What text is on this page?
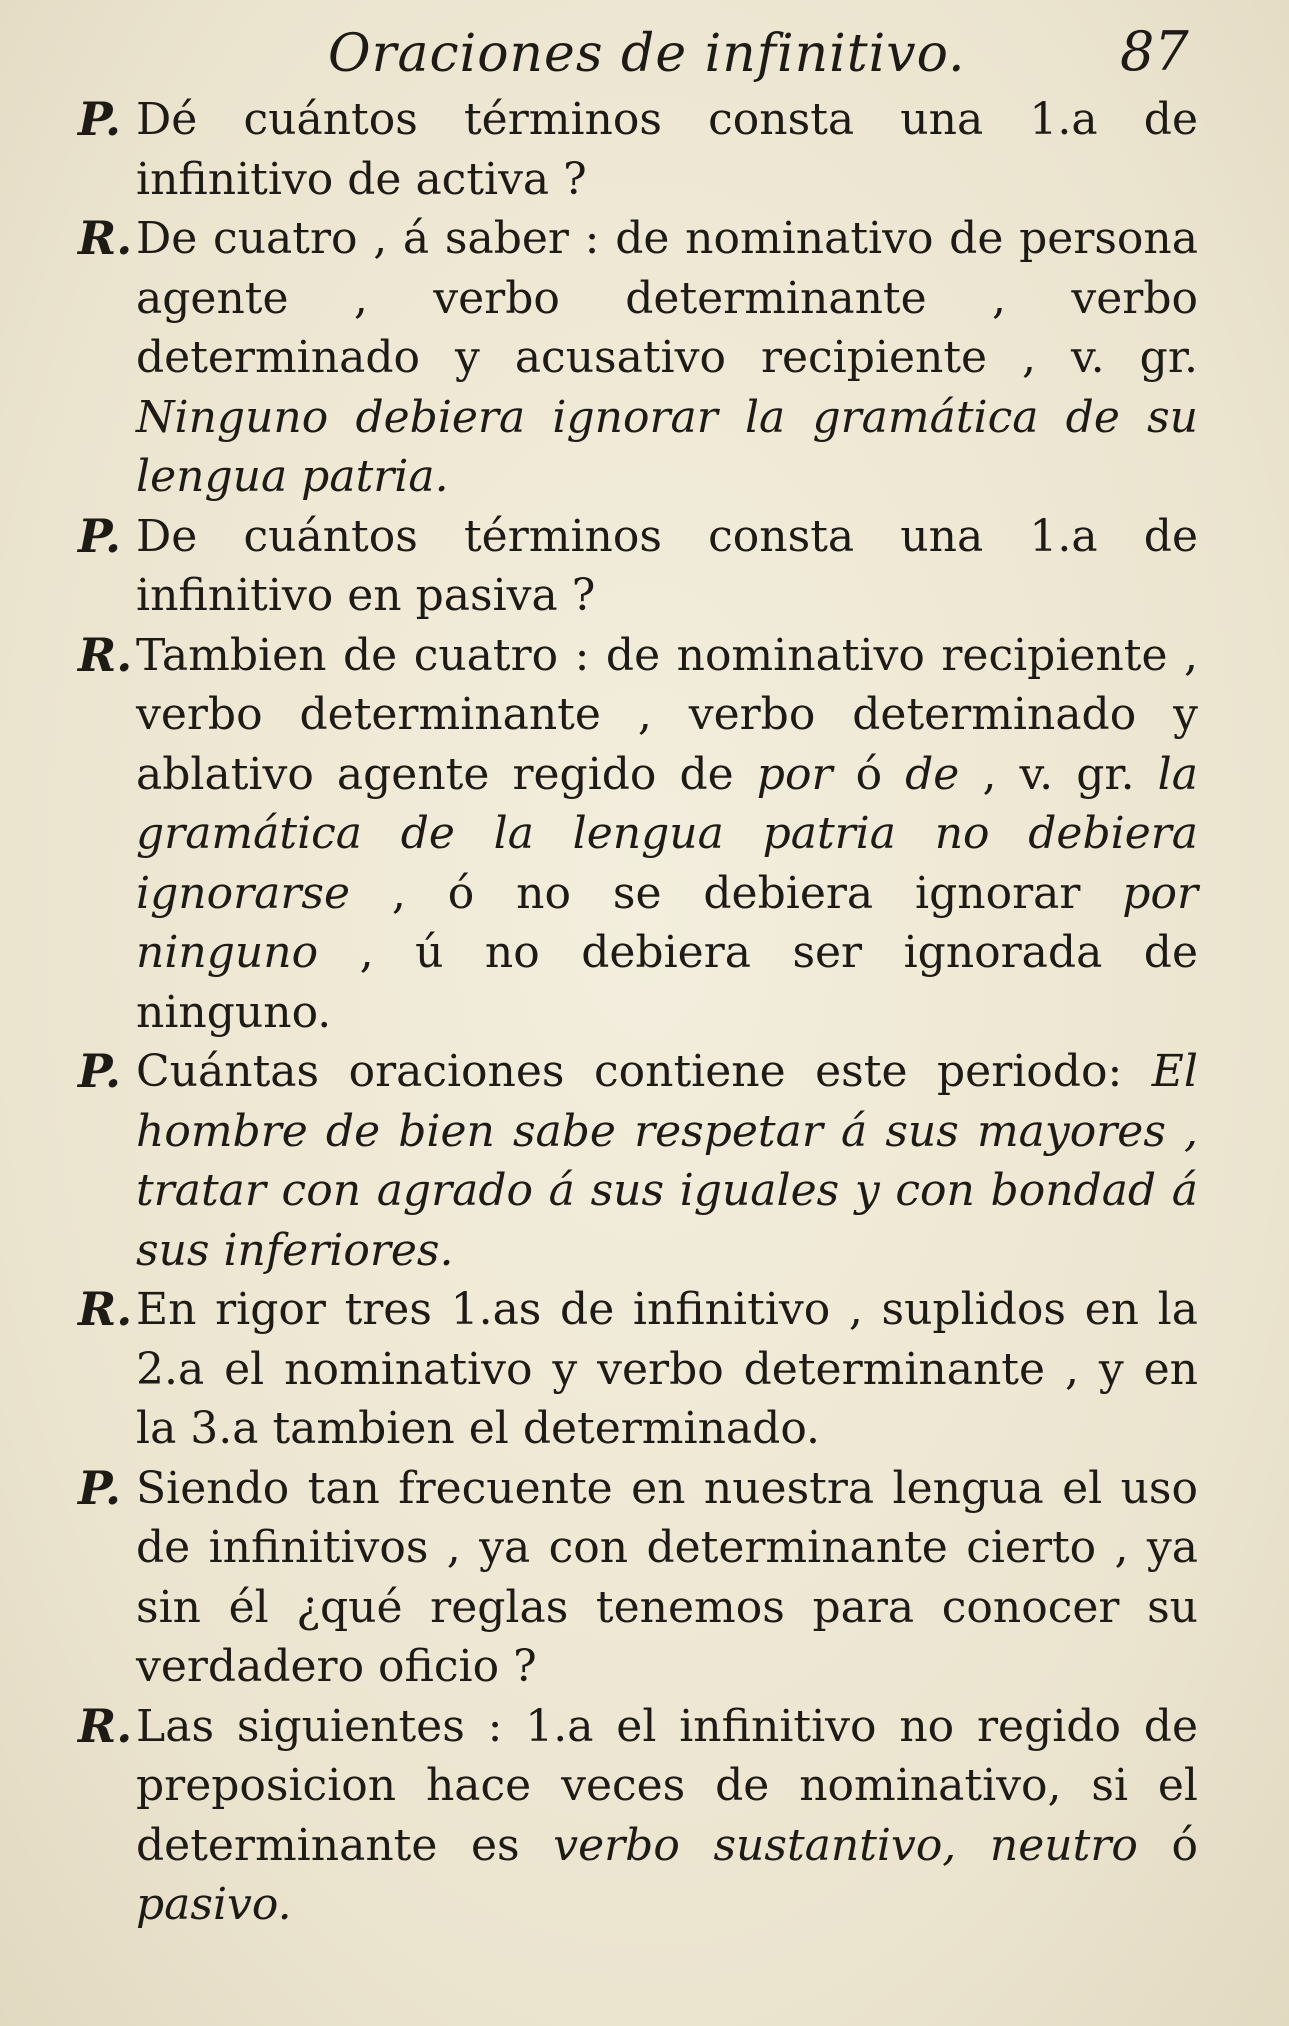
Oraciones de infinitivo.	87

P. Dé cuántos términos consta una 1.a de infinitivo de activa ?

R. De cuatro , á saber : de nominativo de persona agente , verbo determinante , verbo determinado y acusativo recipiente , v. gr. Ninguno debiera ignorar la gramática de su lengua patria.

P. De cuántos términos consta una 1.a de infinitivo en pasiva ?

R. Tambien de cuatro : de nominativo recipiente , verbo determinante , verbo determinado y ablativo agente regido de por ó de , v. gr. la gramática de la lengua patria no debiera ignorarse , ó no se debiera ignorar por ninguno , ú no debiera ser ignorada de ninguno.

P. Cuántas oraciones contiene este periodo: El hombre de bien sabe respetar á sus mayores , tratar con agrado á sus iguales y con bondad á sus inferiores.

R. En rigor tres 1.as de infinitivo , suplidos en la 2.a el nominativo y verbo determinante , y en la 3.a tambien el determinado.

P. Siendo tan frecuente en nuestra lengua el uso de infinitivos , ya con determinante cierto , ya sin él ¿qué reglas tenemos para conocer su verdadero oficio ?

R. Las siguientes : 1.a el infinitivo no regido de preposicion hace veces de nominativo, si el determinante es verbo sustantivo, neutro ó pasivo.
